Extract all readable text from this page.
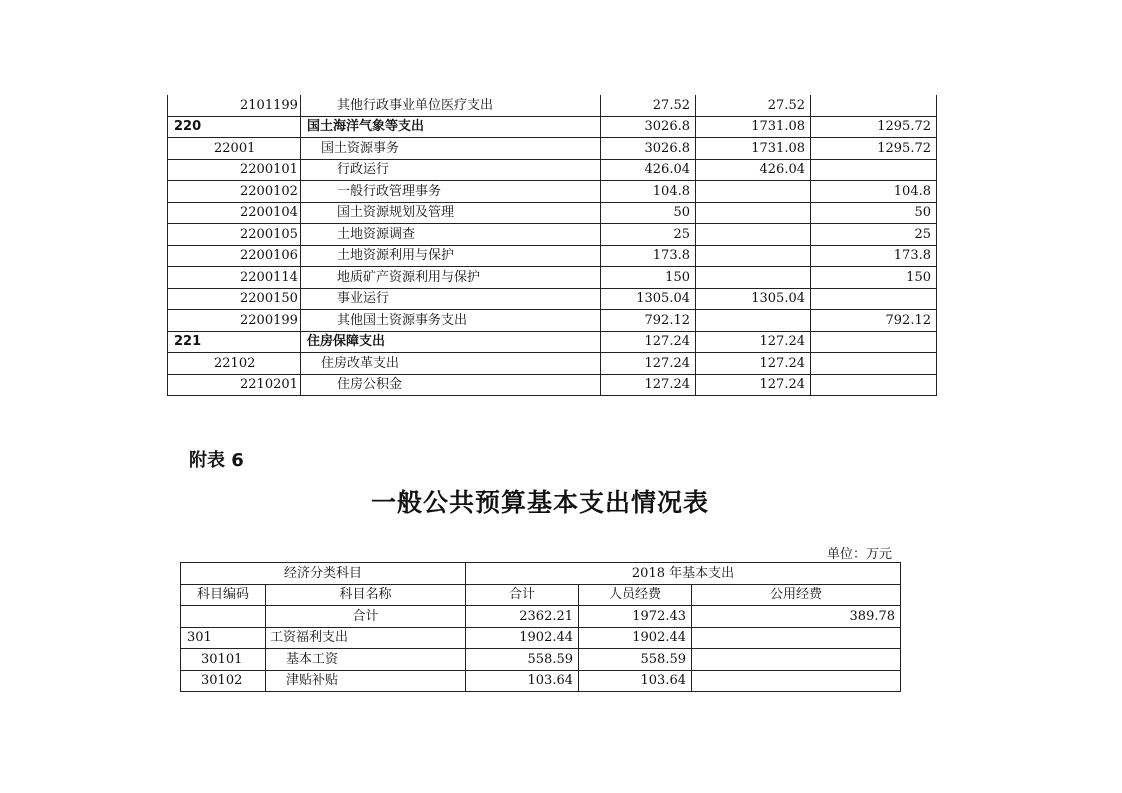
2101199	其他行政事业单位医疗支出	27.52	27.52	
220	国土海洋气象等支出	3026.8	1731.08	1295.72
22001	国土资源事务	3026.8	1731.08	1295.72
2200101	行政运行	426.04	426.04	
2200102	一般行政管理事务	104.8		104.8
2200104	国土资源规划及管理	50		50
2200105	土地资源调查	25		25
2200106	土地资源利用与保护	173.8		173.8
2200114	地质矿产资源利用与保护	150		150
2200150	事业运行	1305.04	1305.04	
2200199	其他国土资源事务支出	792.12		792.12
221	住房保障支出	127.24	127.24	
22102	住房改革支出	127.24	127.24	
2210201	住房公积金	127.24	127.24	
附表 6
一般公共预算基本支出情况表
单位：万元
经济分类科目		2018 年基本支出		
科目编码	科目名称	合计	人员经费	公用经费
	合计	2362.21	1972.43	389.78
301	工资福利支出	1902.44	1902.44	
30101	基本工资	558.59	558.59	
30102	津贴补贴	103.64	103.64	
